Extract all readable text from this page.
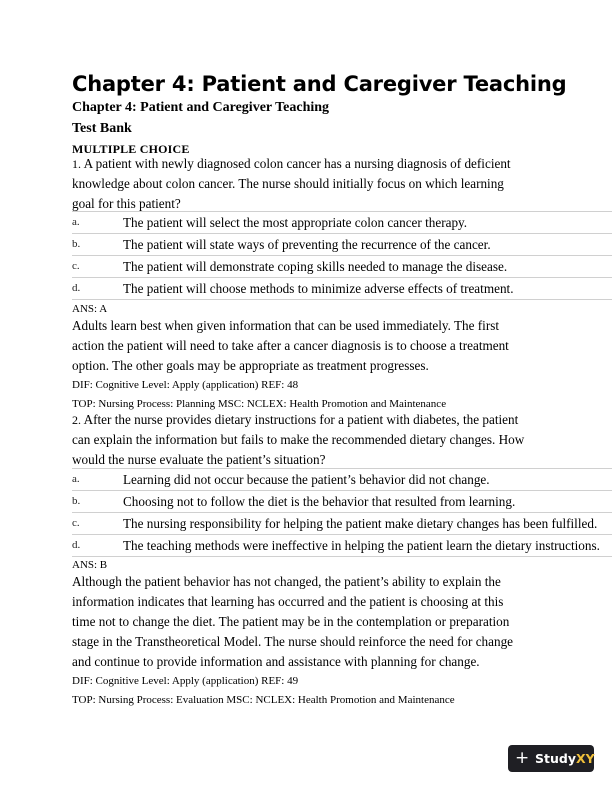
Chapter 4: Patient and Caregiver Teaching

Chapter 4: Patient and Caregiver Teaching

Test Bank

MULTIPLE CHOICE

1. A patient with newly diagnosed colon cancer has a nursing diagnosis of deficient
knowledge about colon cancer. The nurse should initially focus on which learning
goal for this patient?
a.	The patient will select the most appropriate colon cancer therapy.
b.	The patient will state ways of preventing the recurrence of the cancer.
c.	The patient will demonstrate coping skills needed to manage the disease.
d.	The patient will choose methods to minimize adverse effects of treatment.
ANS: A
Adults learn best when given information that can be used immediately. The first
action the patient will need to take after a cancer diagnosis is to choose a treatment
option. The other goals may be appropriate as treatment progresses.
DIF: Cognitive Level: Apply (application) REF: 48
TOP: Nursing Process: Planning MSC: NCLEX: Health Promotion and Maintenance
2. After the nurse provides dietary instructions for a patient with diabetes, the patient
can explain the information but fails to make the recommended dietary changes. How
would the nurse evaluate the patient’s situation?
a.	Learning did not occur because the patient’s behavior did not change.
b.	Choosing not to follow the diet is the behavior that resulted from learning.
c.	The nursing responsibility for helping the patient make dietary changes has been fulfilled.
d.	The teaching methods were ineffective in helping the patient learn the dietary instructions.
ANS: B
Although the patient behavior has not changed, the patient’s ability to explain the
information indicates that learning has occurred and the patient is choosing at this
time not to change the diet. The patient may be in the contemplation or preparation
stage in the Transtheoretical Model. The nurse should reinforce the need for change
and continue to provide information and assistance with planning for change.
DIF: Cognitive Level: Apply (application) REF: 49
TOP: Nursing Process: Evaluation MSC: NCLEX: Health Promotion and Maintenance
+ StudyXY
